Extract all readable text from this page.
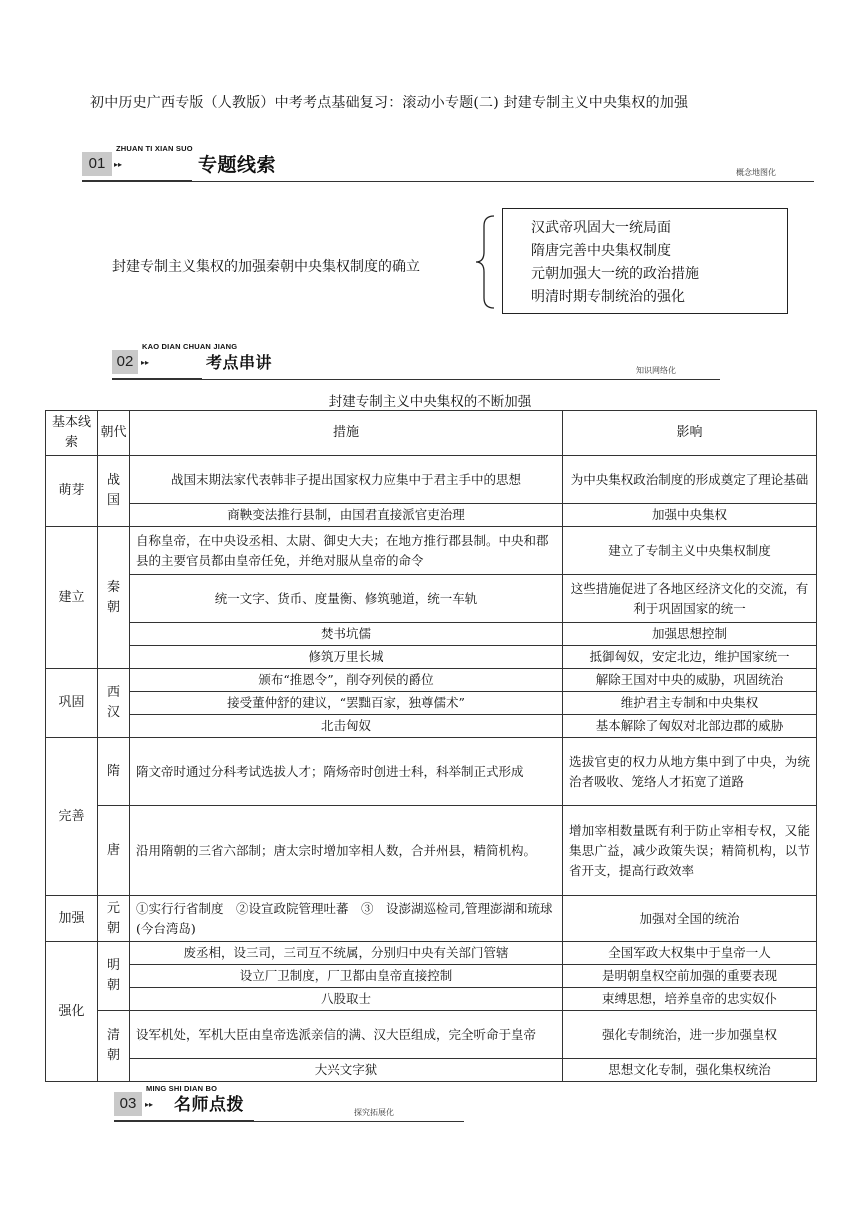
初中历史广西专版（人教版）中考考点基础复习：滚动小专题(二) 封建专制主义中央集权的加强
ZHUAN TI XIAN SUO
01	▸▸	专题线索	概念地图化
封建专制主义集权的加强秦朝中央集权制度的确立
汉武帝巩固大一统局面
隋唐完善中央集权制度
元朝加强大一统的政治措施
明清时期专制统治的强化
KAO DIAN CHUAN JIANG
02 ▸▸	考点串讲	知识网络化
封建专制主义中央集权的不断加强
基本线索	朝代	措施	影响
萌芽	战国	战国末期法家代表韩非子提出国家权力应集中于君主手中的思想	为中央集权政治制度的形成奠定了理论基础
		商鞅变法推行县制，由国君直接派官吏治理	加强中央集权
建立	秦朝	自称皇帝，在中央设丞相、太尉、御史大夫；在地方推行郡县制。中央和郡县的主要官员都由皇帝任免，并绝对服从皇帝的命令	建立了专制主义中央集权制度
		统一文字、货币、度量衡、修筑驰道，统一车轨	这些措施促进了各地区经济文化的交流，有利于巩固国家的统一
		焚书坑儒	加强思想控制
		修筑万里长城	抵御匈奴，安定北边，维护国家统一
巩固	西汉	颁布“推恩令”，削夺列侯的爵位	解除王国对中央的威胁，巩固统治
		接受董仲舒的建议，“罢黜百家，独尊儒术”	维护君主专制和中央集权
		北击匈奴	基本解除了匈奴对北部边郡的威胁
完善	隋	隋文帝时通过分科考试选拔人才；隋炀帝时创进士科，科举制正式形成	选拔官吏的权力从地方集中到了中央，为统治者吸收、笼络人才拓宽了道路
	唐	沿用隋朝的三省六部制；唐太宗时增加宰相人数，合并州县，精简机构。	增加宰相数量既有利于防止宰相专权，又能集思广益，减少政策失误；精简机构，以节省开支，提高行政效率
加强	元朝	①实行行省制度　②设宣政院管理吐蕃　③　设澎湖巡检司,管理澎湖和琉球(今台湾岛)	加强对全国的统治
强化	明朝	废丞相，设三司，三司互不统属，分别归中央有关部门管辖	全国军政大权集中于皇帝一人
		设立厂卫制度，厂卫都由皇帝直接控制	是明朝皇权空前加强的重要表现
		八股取士	束缚思想，培养皇帝的忠实奴仆
	清朝	设军机处，军机大臣由皇帝选派亲信的满、汉大臣组成，完全听命于皇帝	强化专制统治，进一步加强皇权
		大兴文字狱	思想文化专制，强化集权统治
MING SHI DIAN BO
03	▸▸ 名师点拨	探究拓展化
